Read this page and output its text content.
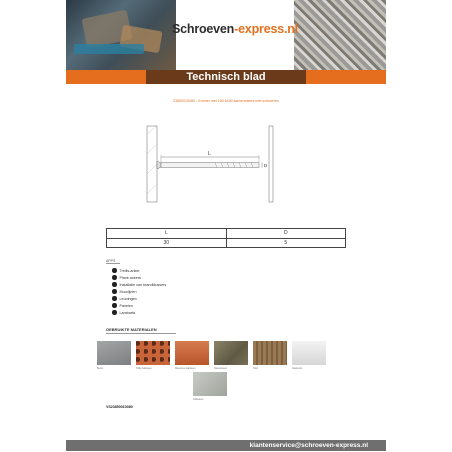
Schroeven-express.nl
Technisch blad
23850010080 - Emmer met 150 5x30 kamerankers met schroeven
L
D
L	D
30	5
APPS
Trellis-anker
Plank ankers
Installatie van brandblussers
Muurlijnen
Leuningen
Panelen
Lambarta
GEBRUIKTE MATERIALEN
Beton	Holle baksteen	Massieve baksteen	Natuursteen	Hout	Gasbeton
Kalksteen
VS23850010080
klantenservice@schroeven-express.nl
